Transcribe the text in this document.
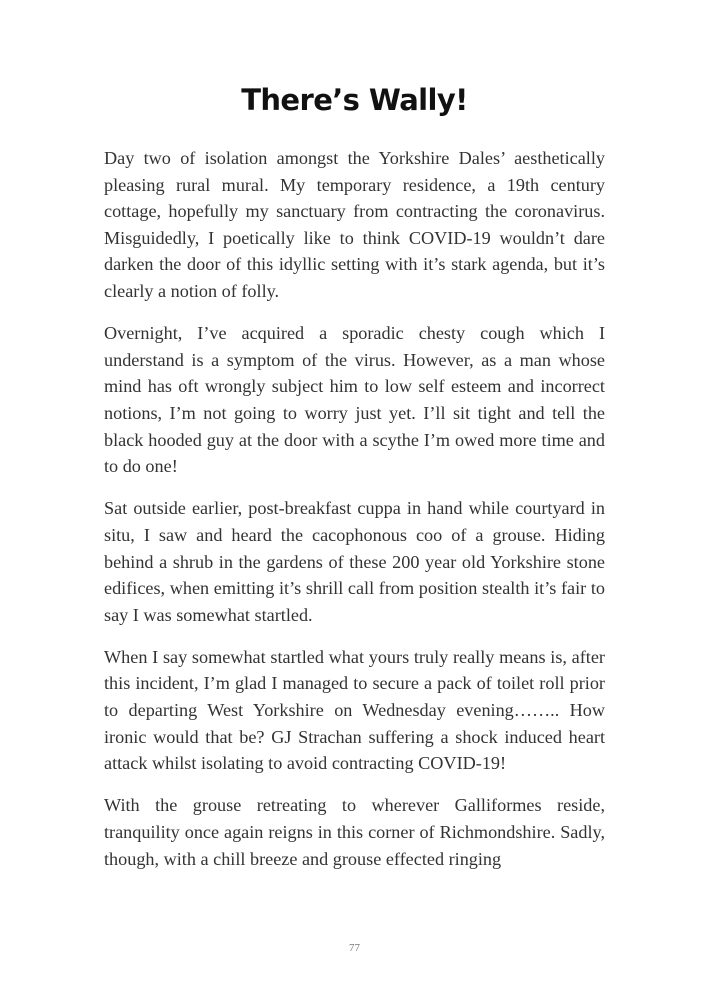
There’s Wally!

Day two of isolation amongst the Yorkshire Dales’ aesthetically pleasing rural mural. My temporary residence, a 19th century cottage, hopefully my sanctuary from contracting the coronavirus. Misguidedly, I poetically like to think COVID-19 wouldn’t dare darken the door of this idyllic setting with it’s stark agenda, but it’s clearly a notion of folly.

Overnight, I’ve acquired a sporadic chesty cough which I understand is a symptom of the virus. However, as a man whose mind has oft wrongly subject him to low self esteem and incorrect notions, I’m not going to worry just yet. I’ll sit tight and tell the black hooded guy at the door with a scythe I’m owed more time and to do one!

Sat outside earlier, post-breakfast cuppa in hand while courtyard in situ, I saw and heard the cacophonous coo of a grouse. Hiding behind a shrub in the gardens of these 200 year old Yorkshire stone edifices, when emitting it’s shrill call from position stealth it’s fair to say I was somewhat startled.

When I say somewhat startled what yours truly really means is, after this incident, I’m glad I managed to secure a pack of toilet roll prior to departing West Yorkshire on Wednesday evening…….. How ironic would that be? GJ Strachan suffering a shock induced heart attack whilst isolating to avoid contracting COVID-19!

With the grouse retreating to wherever Galliformes reside, tranquility once again reigns in this corner of Richmondshire. Sadly, though, with a chill breeze and grouse effected ringing

77
